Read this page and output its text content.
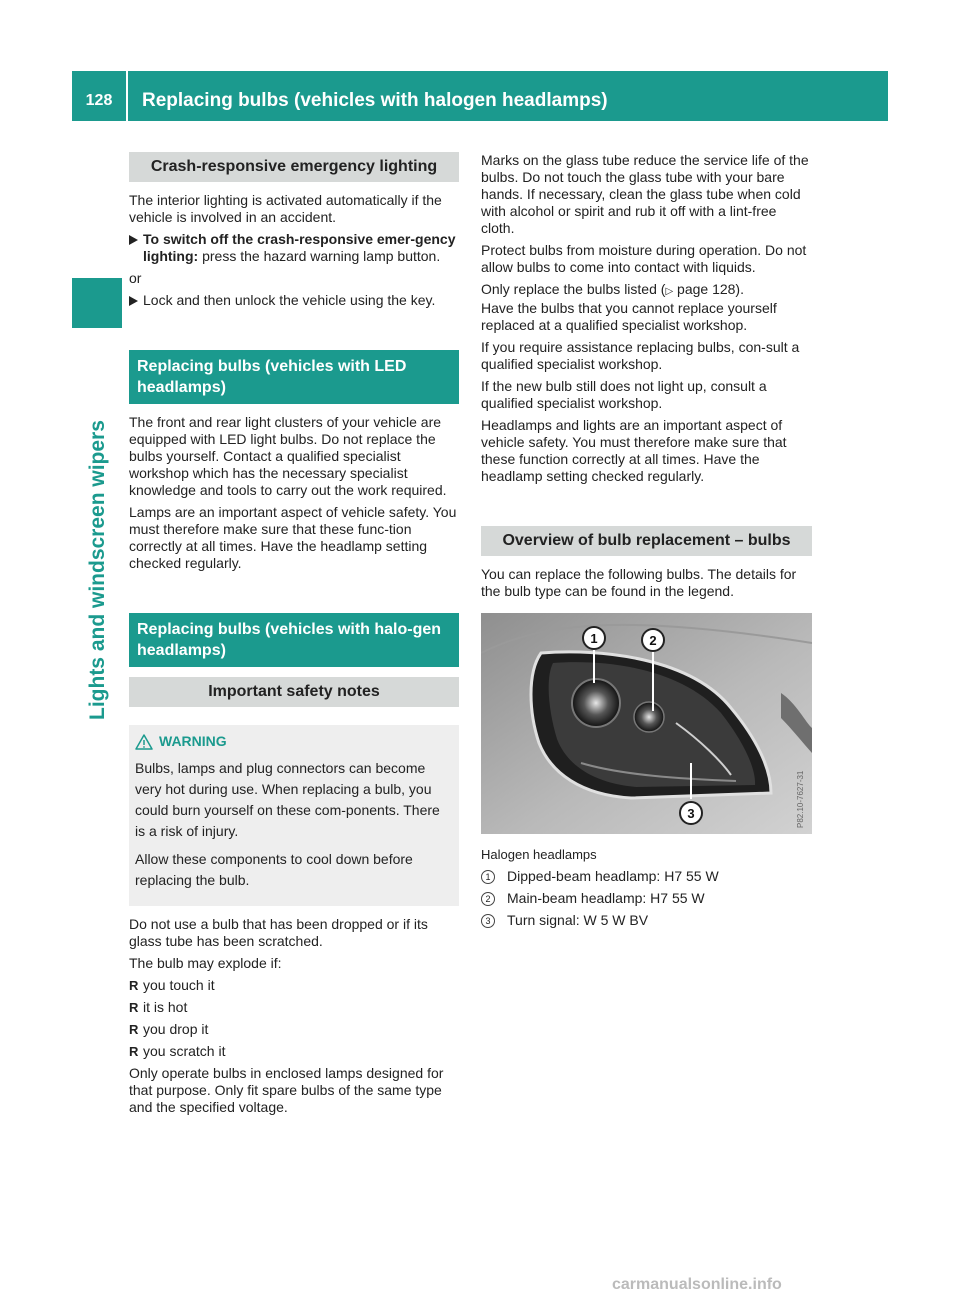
128	Replacing bulbs (vehicles with halogen headlamps)
Lights and windscreen wipers
Crash-responsive emergency lighting

The interior lighting is activated automatically if the vehicle is involved in an accident.

To switch off the crash-responsive emer-gency lighting: press the hazard warning lamp button.

or

Lock and then unlock the vehicle using the key.
Replacing bulbs (vehicles with LED headlamps)

The front and rear light clusters of your vehicle are equipped with LED light bulbs. Do not replace the bulbs yourself. Contact a qualified specialist workshop which has the necessary specialist knowledge and tools to carry out the work required.

Lamps are an important aspect of vehicle safety. You must therefore make sure that these func-tion correctly at all times. Have the headlamp setting checked regularly.

Replacing bulbs (vehicles with halo-gen headlamps)
Important safety notes
WARNING

Bulbs, lamps and plug connectors can become very hot during use. When replacing a bulb, you could burn yourself on these com-ponents. There is a risk of injury.

Allow these components to cool down before replacing the bulb.

Do not use a bulb that has been dropped or if its glass tube has been scratched.

The bulb may explode if:

R you touch it
R it is hot
R you drop it
R you scratch it

Only operate bulbs in enclosed lamps designed for that purpose. Only fit spare bulbs of the same type and the specified voltage.

Marks on the glass tube reduce the service life of the bulbs. Do not touch the glass tube with your bare hands. If necessary, clean the glass tube when cold with alcohol or spirit and rub it off with a lint-free cloth.

Protect bulbs from moisture during operation. Do not allow bulbs to come into contact with liquids.

Only replace the bulbs listed (▷ page 128).
Have the bulbs that you cannot replace yourself replaced at a qualified specialist workshop.

If you require assistance replacing bulbs, con-sult a qualified specialist workshop.

If the new bulb still does not light up, consult a qualified specialist workshop.

Headlamps and lights are an important aspect of vehicle safety. You must therefore make sure that these function correctly at all times. Have the headlamp setting checked regularly.

Overview of bulb replacement – bulbs

You can replace the following bulbs. The details for the bulb type can be found in the legend.

1	2
3	P82.10-7627-31

Halogen headlamps

1	Dipped-beam headlamp: H7 55 W
2	Main-beam headlamp: H7 55 W
3	Turn signal: W 5 W BV
carmanualsonline.info
